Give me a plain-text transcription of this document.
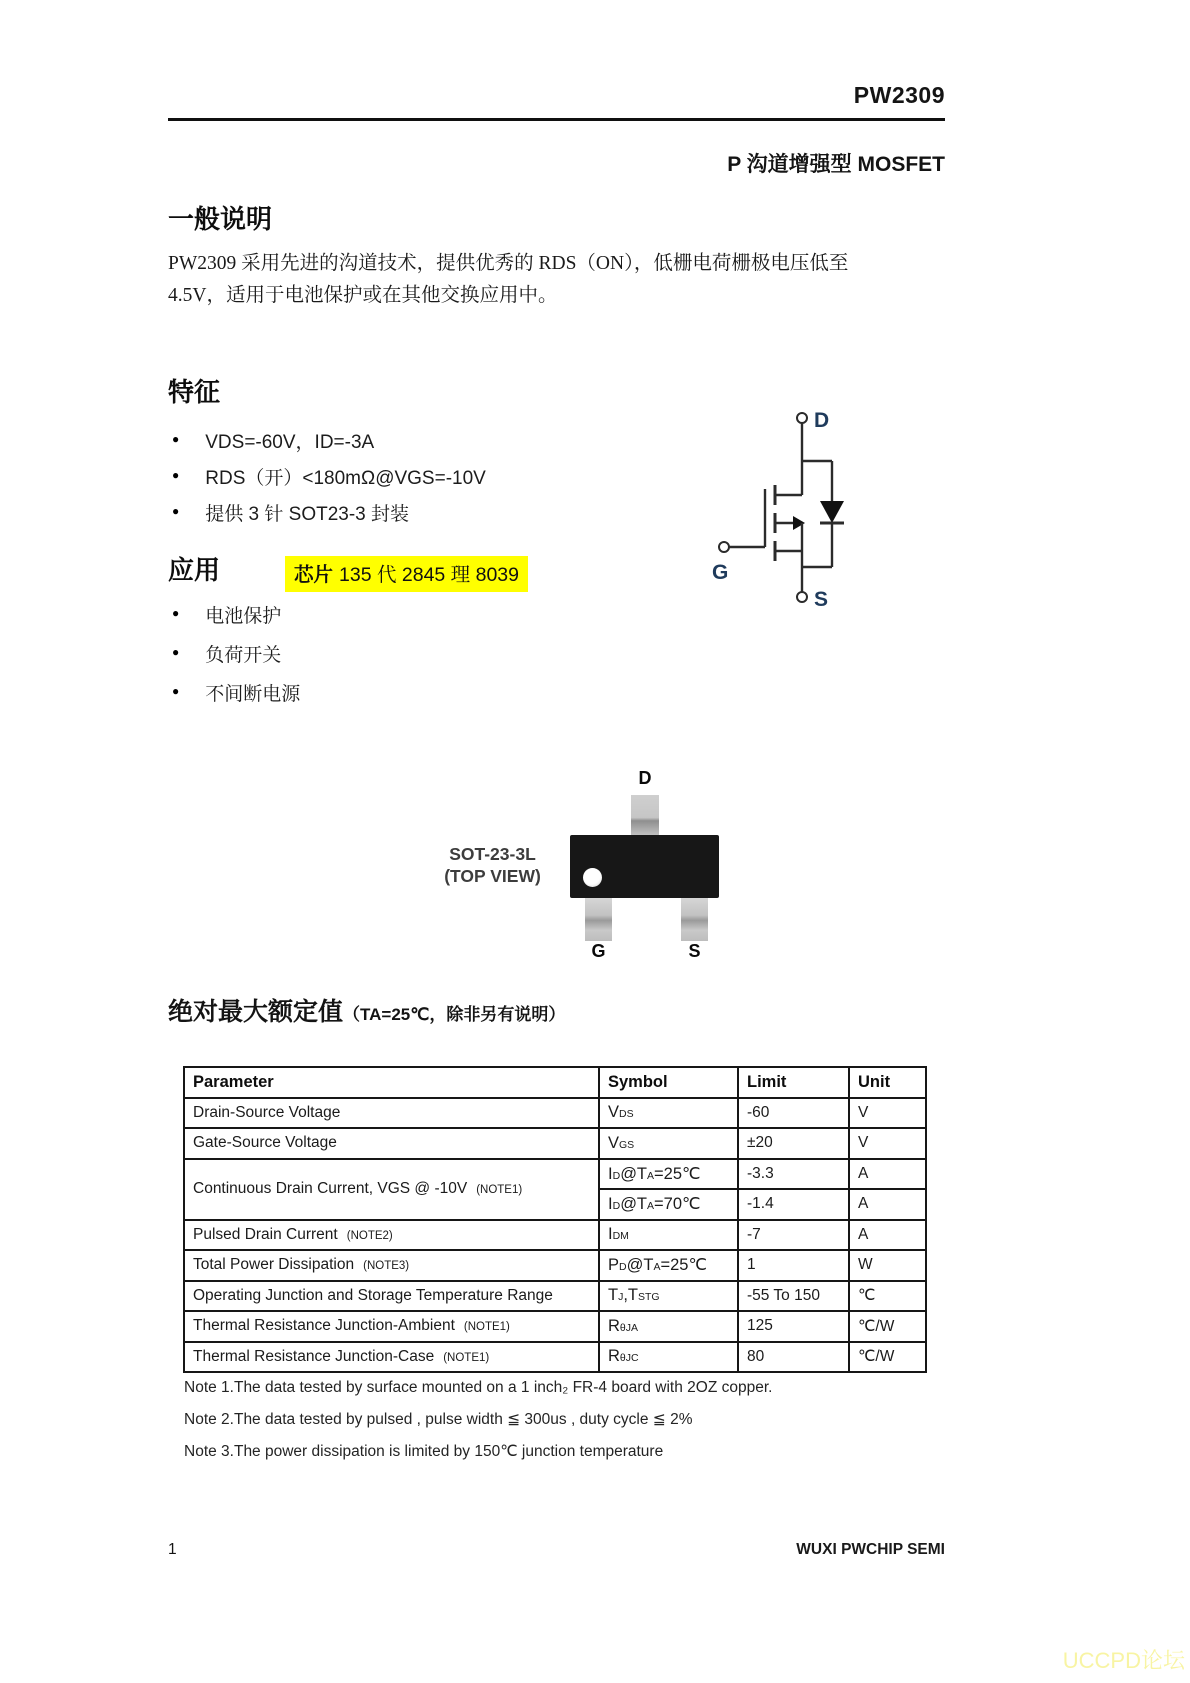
PW2309
P 沟道增强型 MOSFET
一般说明
PW2309 采用先进的沟道技术，提供优秀的 RDS（ON），低栅电荷栅极电压低至
4.5V，适用于电池保护或在其他交换应用中。
特征
● VDS=-60V，ID=-3A
● RDS（开）<180mΩ@VGS=-10V
● 提供 3 针 SOT23-3 封装
D
G
S
应用	芯片 135 代 2845 理 8039
● 电池保护
● 负荷开关
● 不间断电源
SOT-23-3L
(TOP VIEW)
D
G	S
绝对最大额定值（TA=25℃，除非另有说明）
Parameter	Symbol	Limit	Unit
Drain-Source Voltage	VDS	-60	V
Gate-Source Voltage	VGS	±20	V
Continuous Drain Current, VGS @ -10V (NOTE1)	ID@TA=25℃	-3.3	A
	ID@TA=70℃	-1.4	A
Pulsed Drain Current (NOTE2)	IDM	-7	A
Total Power Dissipation (NOTE3)	PD@TA=25℃	1	W
Operating Junction and Storage Temperature Range	TJ,TSTG	-55 To 150	℃
Thermal Resistance Junction-Ambient (NOTE1)	RθJA	125	℃/W
Thermal Resistance Junction-Case (NOTE1)	RθJC	80	℃/W
Note 1.The data tested by surface mounted on a 1 inch₂ FR-4 board with 2OZ copper.
Note 2.The data tested by pulsed , pulse width ≦ 300us , duty cycle ≦ 2%
Note 3.The power dissipation is limited by 150℃ junction temperature
1	WUXI PWCHIP SEMI
UCCPD论坛
